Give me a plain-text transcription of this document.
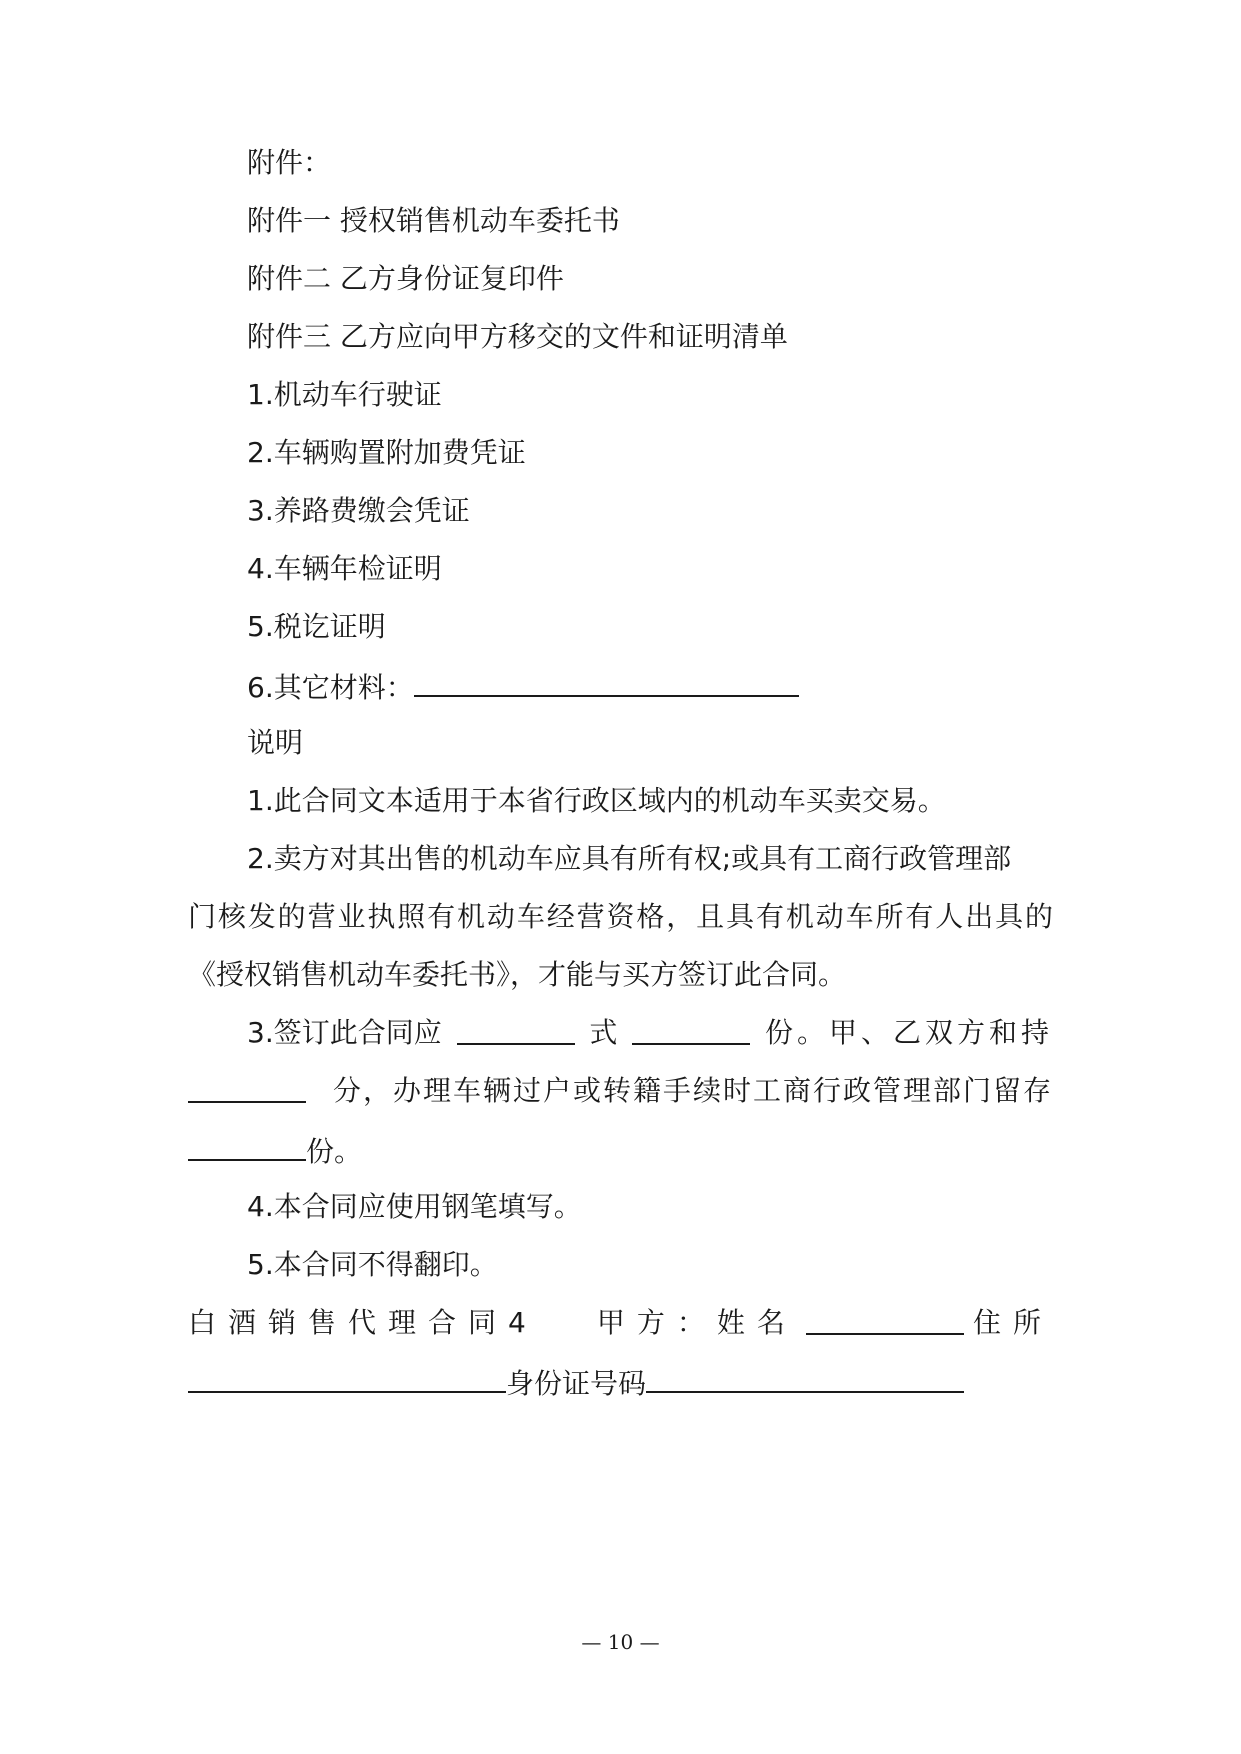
附件：
附件一 授权销售机动车委托书
附件二 乙方身份证复印件
附件三 乙方应向甲方移交的文件和证明清单
1.机动车行驶证
2.车辆购置附加费凭证
3.养路费缴会凭证
4.车辆年检证明
5.税讫证明
6.其它材料：
说明
1.此合同文本适用于本省行政区域内的机动车买卖交易。
2.卖方对其出售的机动车应具有所有权;或具有工商行政管理部
门核发的营业执照有机动车经营资格，且具有机动车所有人出具的
《授权销售机动车委托书》，才能与买方签订此合同。
3.签订此合同应	式	份。甲、乙双方和持
分，办理车辆过户或转籍手续时工商行政管理部门留存
份。
4.本合同应使用钢笔填写。
5.本合同不得翻印。
白酒销售代理合同4 甲方：姓名	住所
身份证号码
— 10 —
